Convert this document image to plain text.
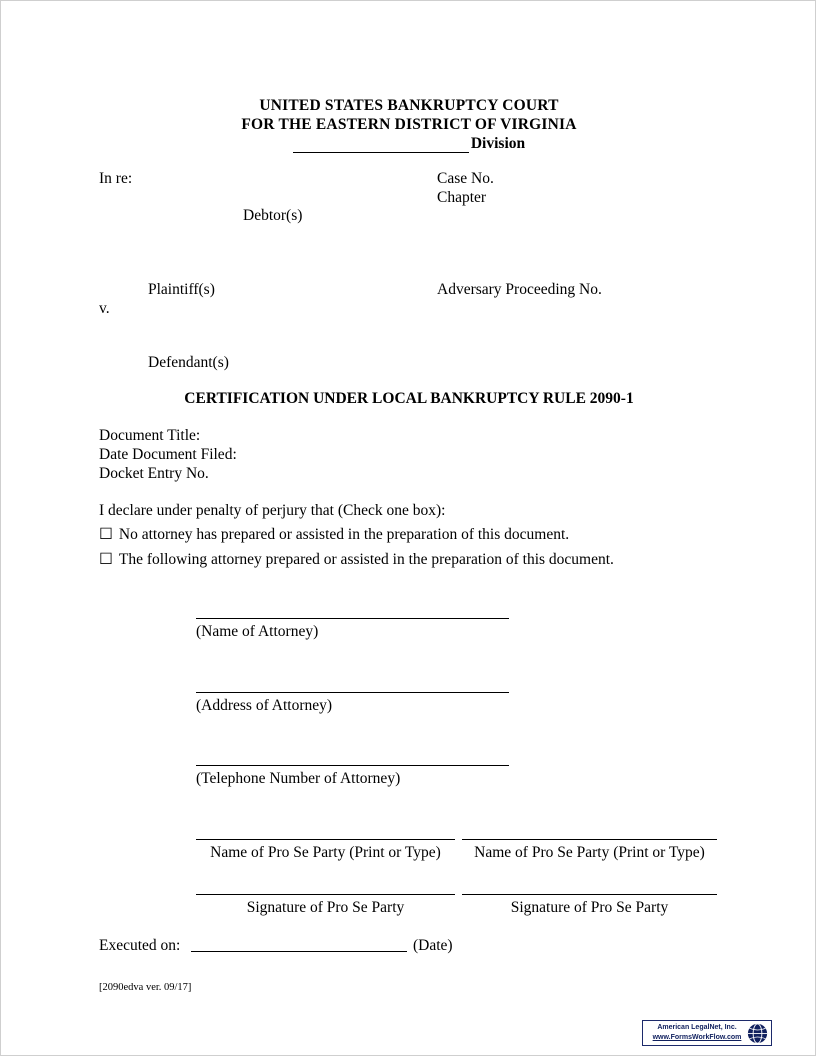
UNITED STATES BANKRUPTCY COURT
FOR THE EASTERN DISTRICT OF VIRGINIA
Division
In re:	Case No.
Chapter
Debtor(s)
Plaintiff(s)	Adversary Proceeding No.
v.
Defendant(s)
CERTIFICATION UNDER LOCAL BANKRUPTCY RULE 2090-1
Document Title:
Date Document Filed:
Docket Entry No.
I declare under penalty of perjury that (Check one box):
☐ No attorney has prepared or assisted in the preparation of this document.
☐ The following attorney prepared or assisted in the preparation of this document.
(Name of Attorney)
(Address of Attorney)
(Telephone Number of Attorney)
Name of Pro Se Party (Print or Type)	Name of Pro Se Party (Print or Type)
Signature of Pro Se Party	Signature of Pro Se Party
Executed on:	(Date)
[2090edva ver. 09/17]
American LegalNet, Inc.
www.FormsWorkFlow.com
